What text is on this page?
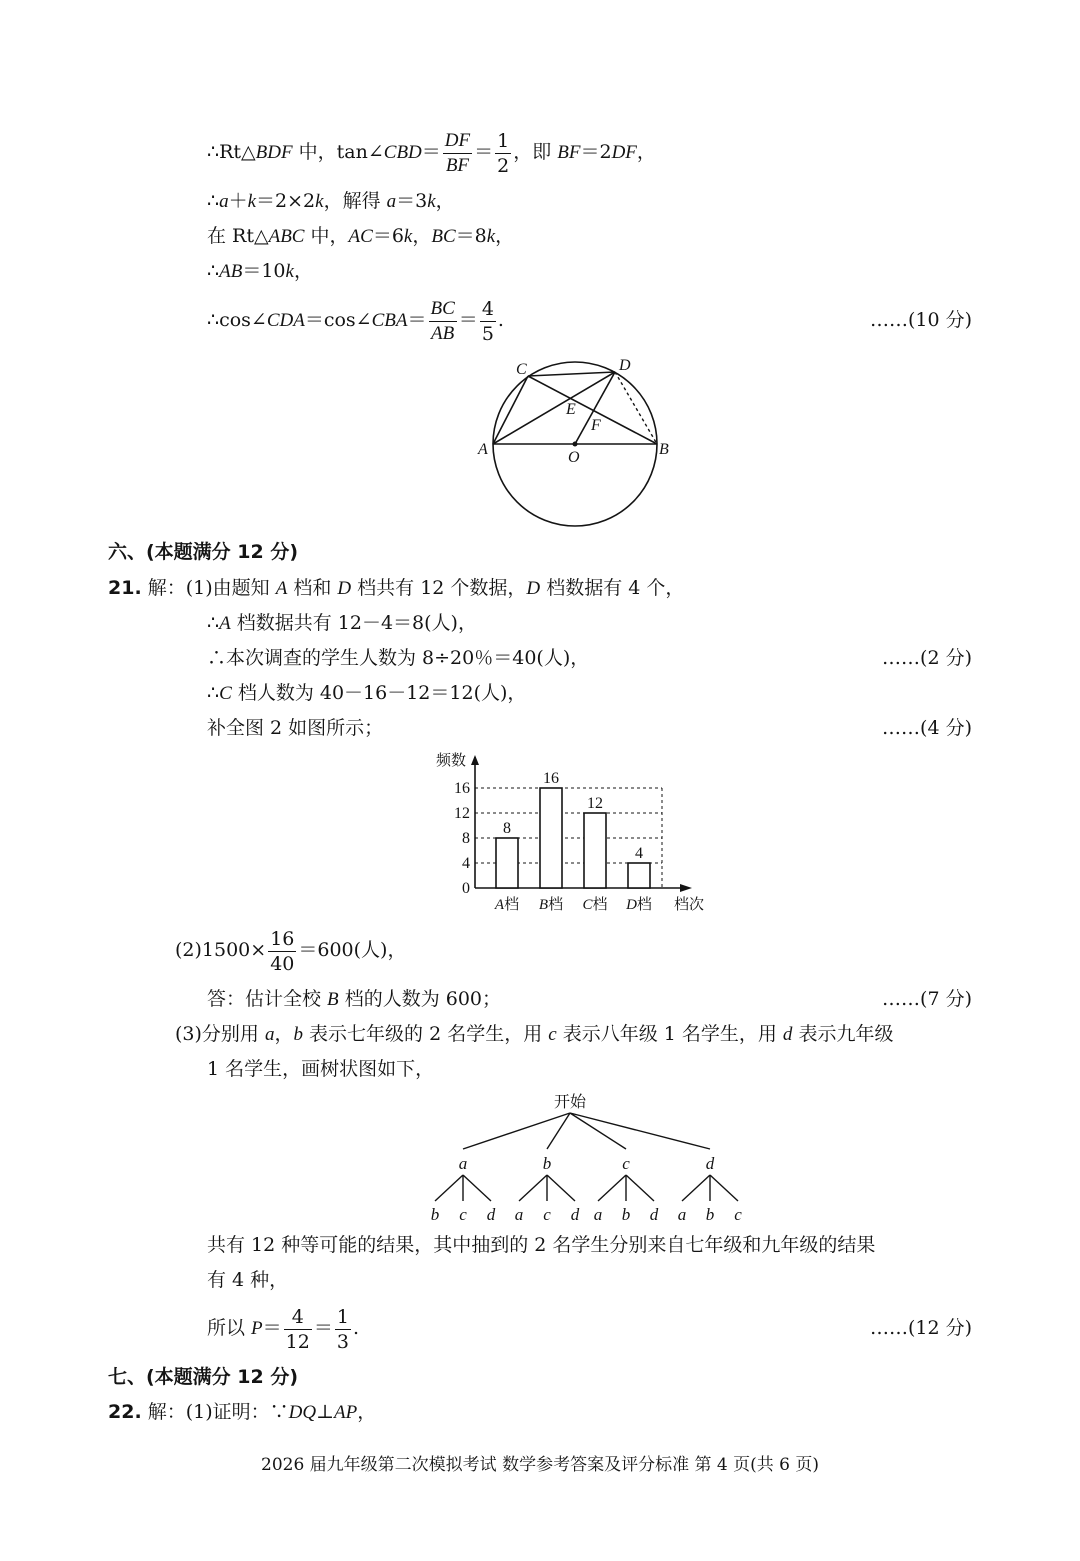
∴Rt△BDF 中，tan∠CBD＝ $\frac{DF}{BF} = \frac{1}{2}$ ，即 BF＝2DF，
∴a＋k＝2×2k，解得 a＝3k，
在 Rt△ABC 中，AC＝6k，BC＝8k，
∴AB＝10k，
∴cos∠CDA＝cos∠CBA＝ $\frac{BC}{AB} = \frac{4}{5}$ .	……(10 分)
C	D
E
F
A	O	B
六、(本题满分 12 分)
21. 解：(1)由题知 A 档和 D 档共有 12 个数据，D 档数据有 4 个，
∴A 档数据共有 12－4＝8(人)，
∴本次调查的学生人数为 8÷20％＝40(人)，	……(2 分)
∴C 档人数为 40－16－12＝12(人)，
补全图 2 如图所示；	……(4 分)
0
4
8
12
16
频数
档次
8
A档
16
B档
12
C档
4
D档
$(2)1500\times \frac{16}{40} =600$(人)，
答：估计全校 B 档的人数为 600；	……(7 分)
(3)分别用 a，b 表示七年级的 2 名学生，用 c 表示八年级 1 名学生，用 d 表示九年级
1 名学生，画树状图如下，
开始
a
b c d
b
a c d
c
a b d
d
a b c
共有 12 种等可能的结果，其中抽到的 2 名学生分别来自七年级和九年级的结果
有 4 种，
所以 $P= \frac{4}{12} = \frac{1}{3}$ .	……(12 分)
七、(本题满分 12 分)
22. 解：(1)证明：∵DQ⊥AP，
2026 届九年级第二次模拟考试 数学参考答案及评分标准 第 4 页(共 6 页)
